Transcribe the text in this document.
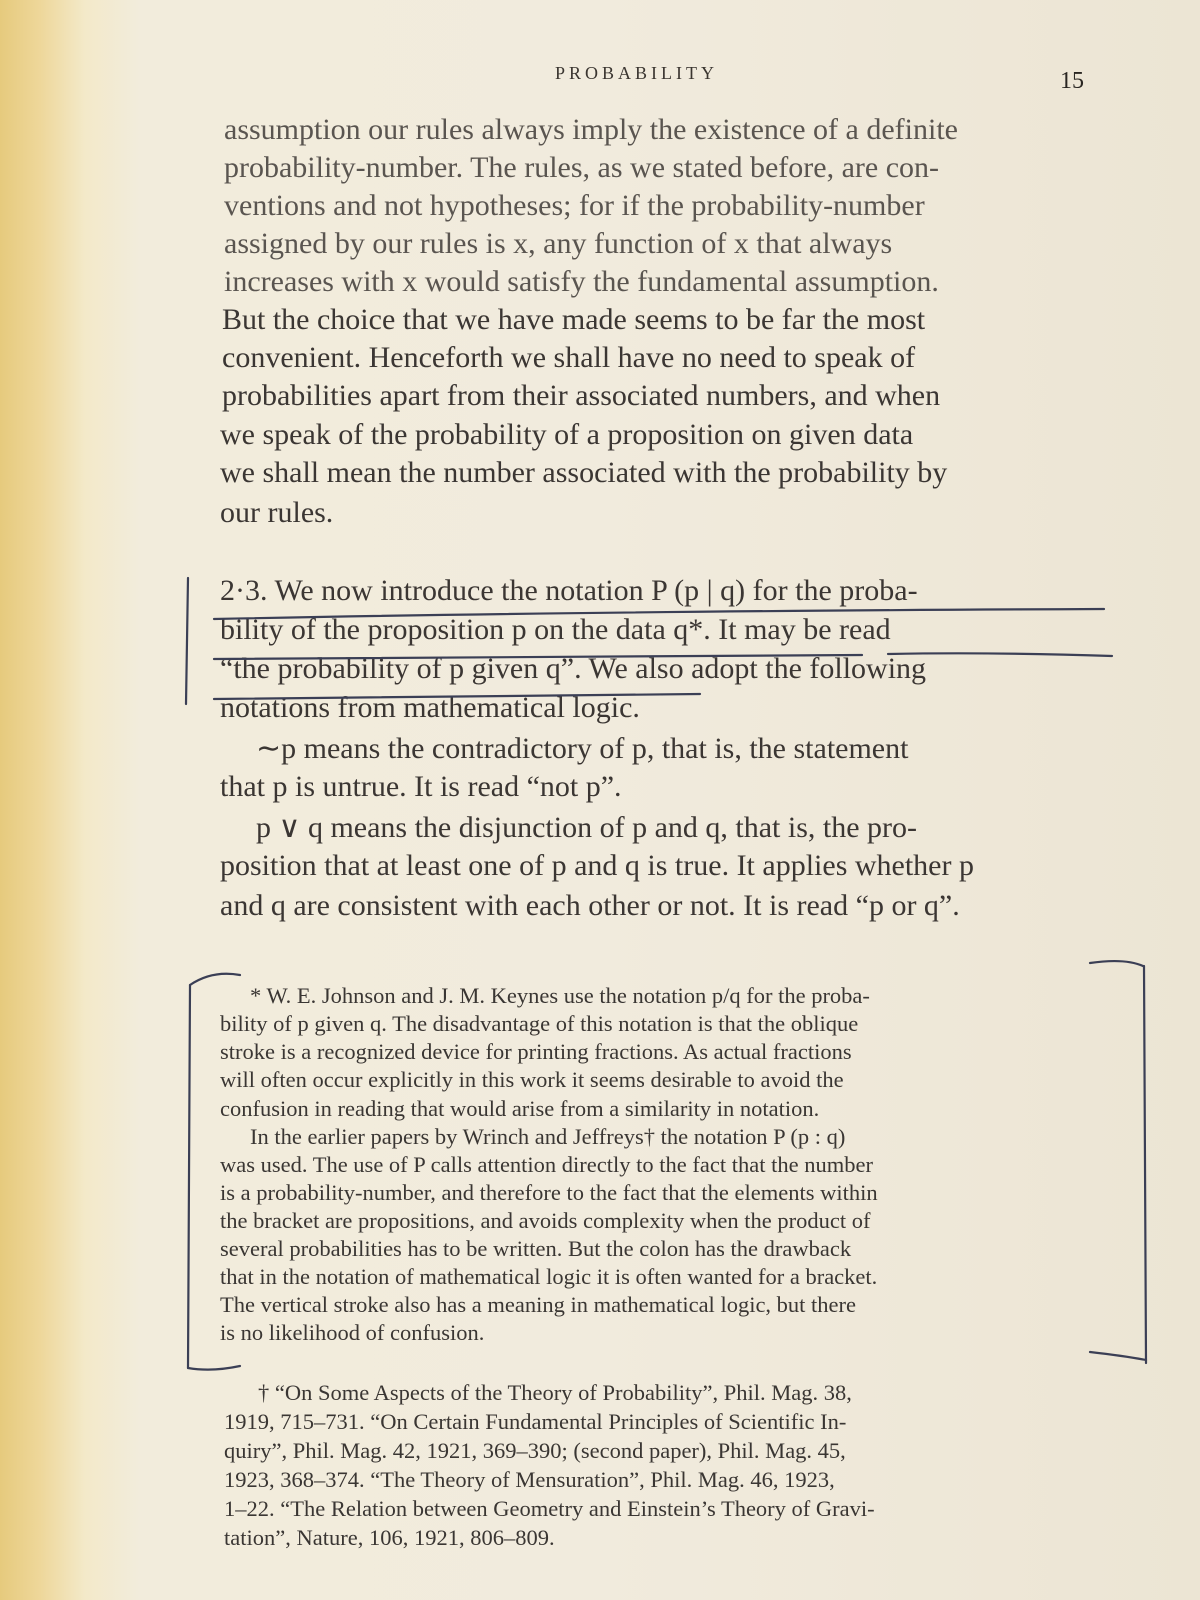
PROBABILITY	15
assumption our rules always imply the existence of a definite
probability-number. The rules, as we stated before, are con-
ventions and not hypotheses; for if the probability-number
assigned by our rules is x, any function of x that always
increases with x would satisfy the fundamental assumption.
But the choice that we have made seems to be far the most
convenient. Henceforth we shall have no need to speak of
probabilities apart from their associated numbers, and when
we speak of the probability of a proposition on given data
we shall mean the number associated with the probability by
our rules.
2·3. We now introduce the notation P (p | q) for the proba-
bility of the proposition p on the data q*. It may be read
“the probability of p given q”. We also adopt the following
notations from mathematical logic.
∼p means the contradictory of p, that is, the statement
that p is untrue. It is read “not p”.
p ∨ q means the disjunction of p and q, that is, the pro-
position that at least one of p and q is true. It applies whether p
and q are consistent with each other or not. It is read “p or q”.
* W. E. Johnson and J. M. Keynes use the notation p/q for the proba-
bility of p given q. The disadvantage of this notation is that the oblique
stroke is a recognized device for printing fractions. As actual fractions
will often occur explicitly in this work it seems desirable to avoid the
confusion in reading that would arise from a similarity in notation.
In the earlier papers by Wrinch and Jeffreys† the notation P (p : q)
was used. The use of P calls attention directly to the fact that the number
is a probability-number, and therefore to the fact that the elements within
the bracket are propositions, and avoids complexity when the product of
several probabilities has to be written. But the colon has the drawback
that in the notation of mathematical logic it is often wanted for a bracket.
The vertical stroke also has a meaning in mathematical logic, but there
is no likelihood of confusion.
† “On Some Aspects of the Theory of Probability”, Phil. Mag. 38,
1919, 715–731. “On Certain Fundamental Principles of Scientific In-
quiry”, Phil. Mag. 42, 1921, 369–390; (second paper), Phil. Mag. 45,
1923, 368–374. “The Theory of Mensuration”, Phil. Mag. 46, 1923,
1–22. “The Relation between Geometry and Einstein’s Theory of Gravi-
tation”, Nature, 106, 1921, 806–809.
